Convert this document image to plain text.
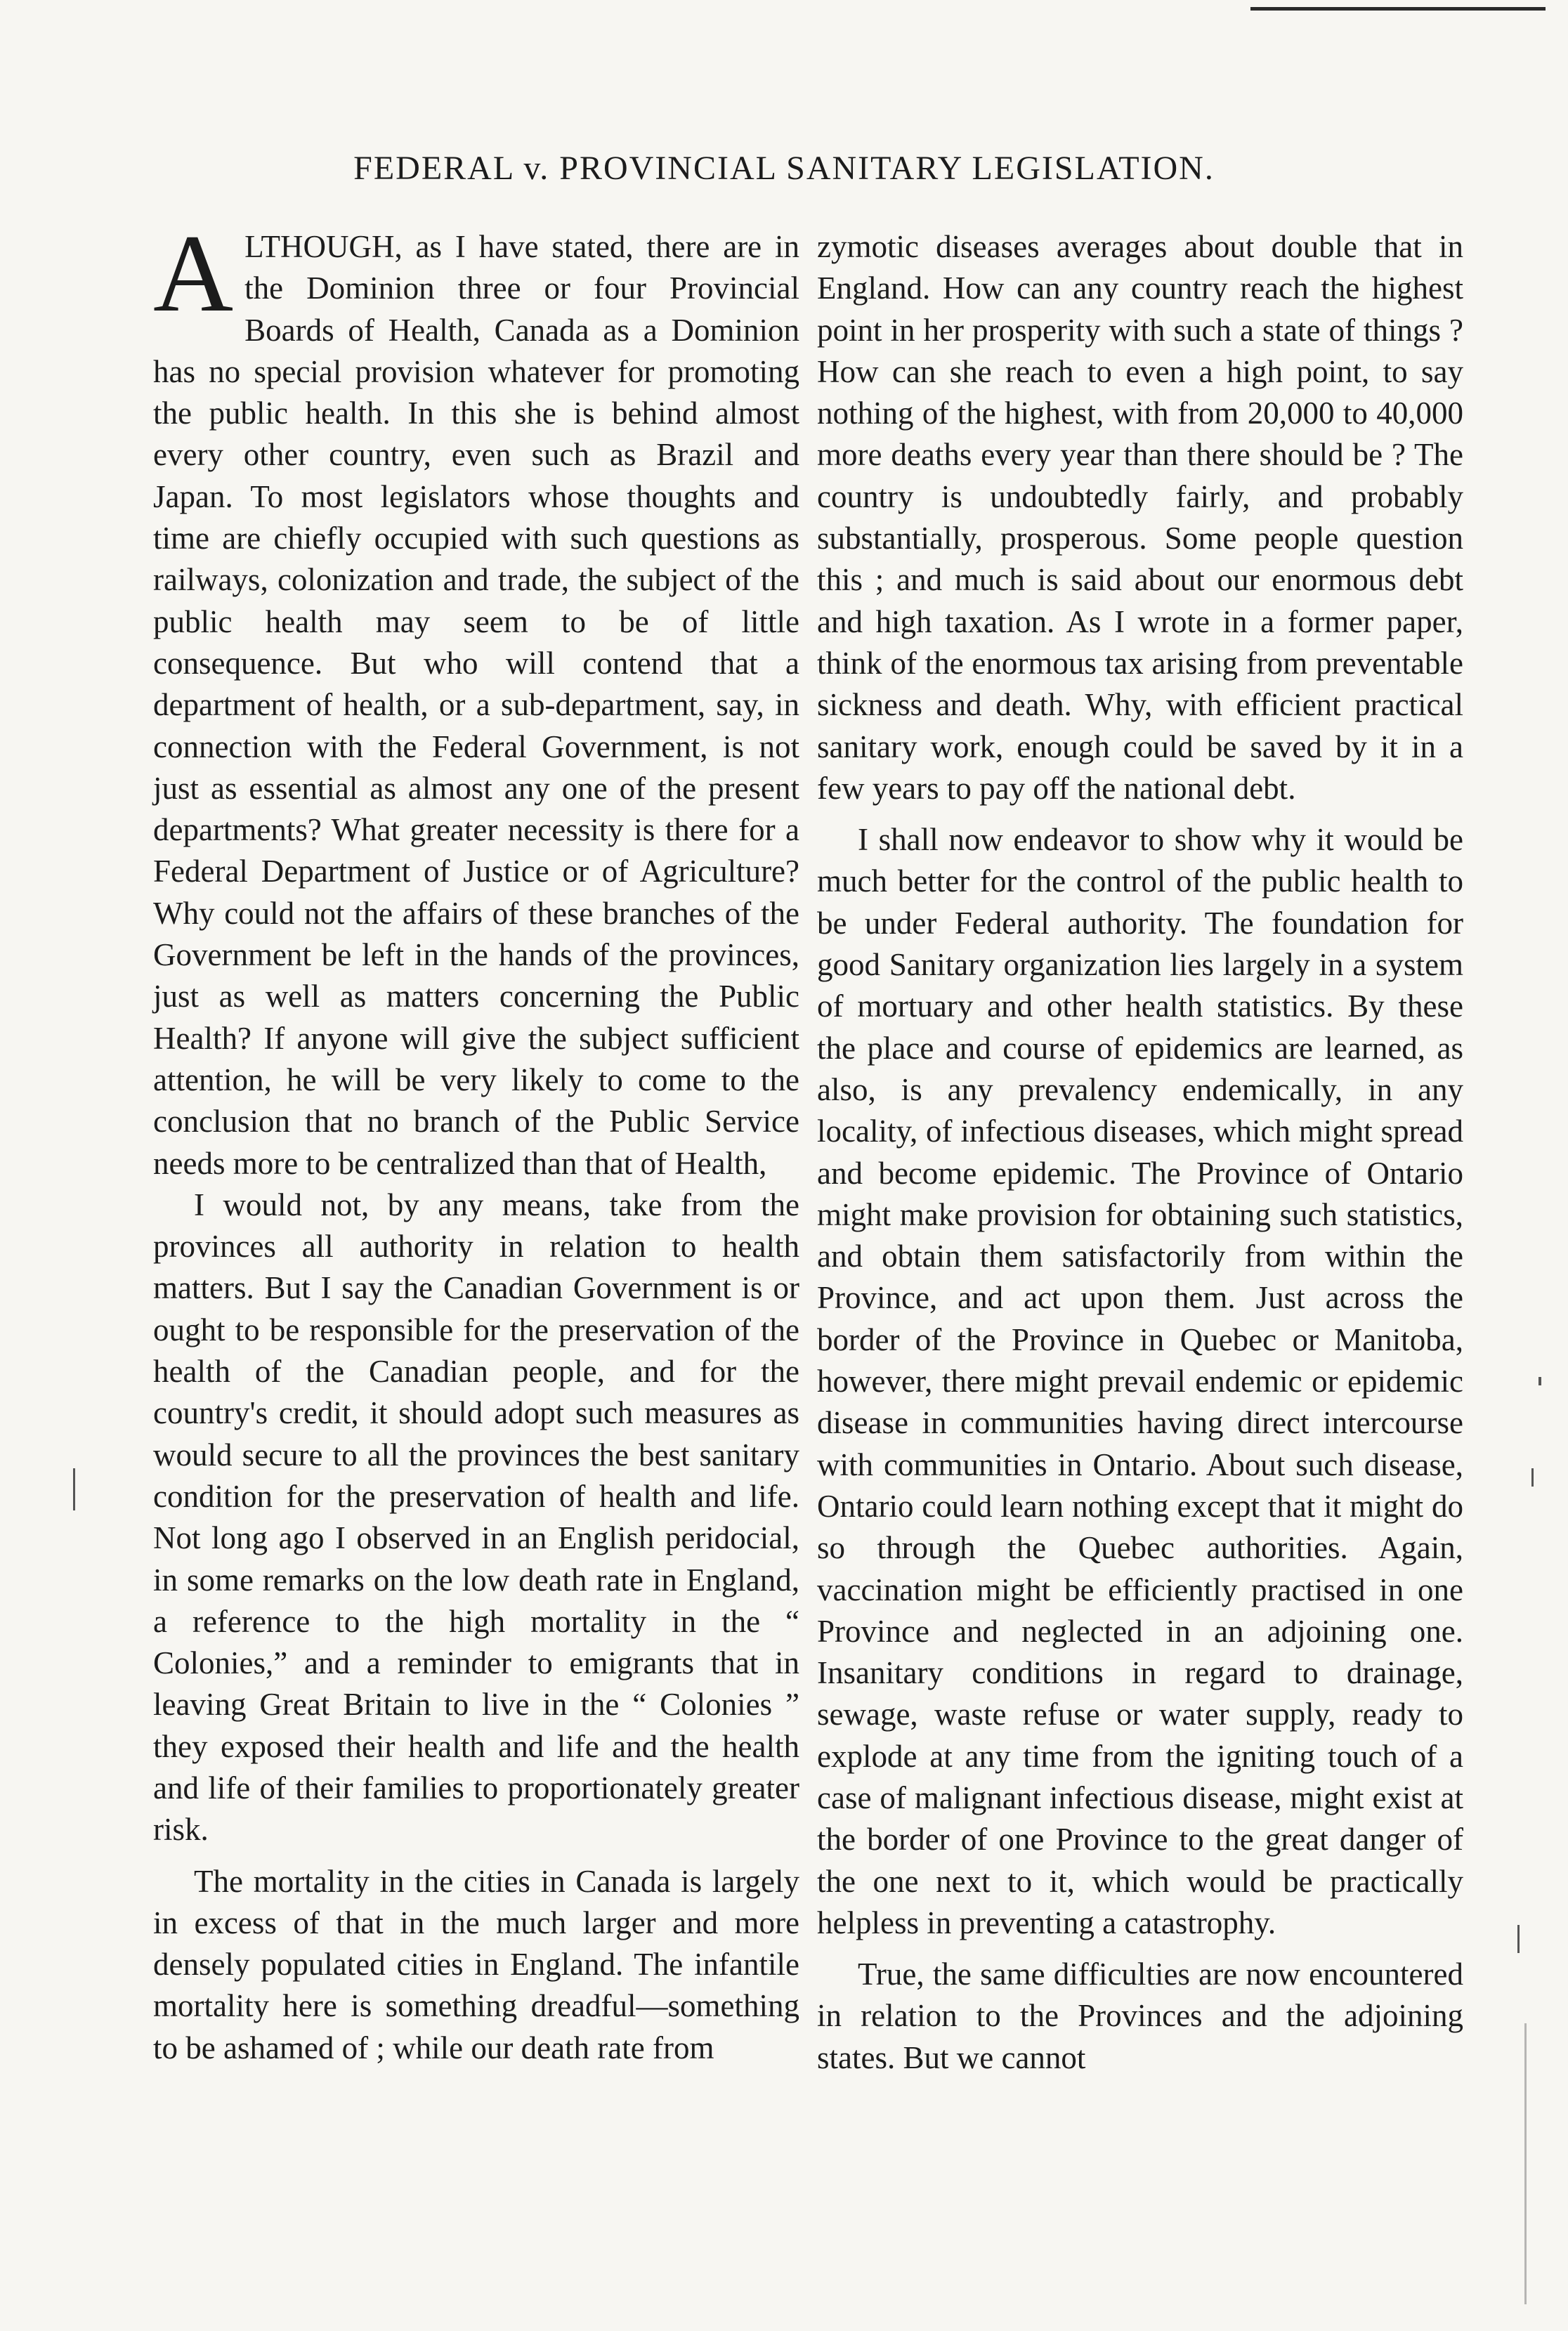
FEDERAL v. PROVINCIAL SANITARY LEGISLATION.

ALTHOUGH, as I have stated, there are in the Dominion three or four Provincial Boards of Health, Canada as a Dominion has no special provision whatever for promoting the public health. In this she is behind almost every other country, even such as Brazil and Japan. To most legislators whose thoughts and time are chiefly occupied with such questions as railways, colonization and trade, the subject of the public health may seem to be of little consequence. But who will contend that a department of health, or a sub-department, say, in connection with the Federal Government, is not just as essential as almost any one of the present departments? What greater necessity is there for a Federal Department of Justice or of Agriculture? Why could not the affairs of these branches of the Government be left in the hands of the provinces, just as well as matters concerning the Public Health? If anyone will give the subject sufficient attention, he will be very likely to come to the conclusion that no branch of the Public Service needs more to be centralized than that of Health,

I would not, by any means, take from the provinces all authority in relation to health matters. But I say the Canadian Government is or ought to be responsible for the preservation of the health of the Canadian people, and for the country's credit, it should adopt such measures as would secure to all the provinces the best sanitary condition for the preservation of health and life. Not long ago I observed in an English peridocial, in some remarks on the low death rate in England, a reference to the high mortality in the “ Colonies,” and a reminder to emigrants that in leaving Great Britain to live in the “ Colonies ” they exposed their health and life and the health and life of their families to proportionately greater risk.

The mortality in the cities in Canada is largely in excess of that in the much larger and more densely populated cities in England. The infantile mortality here is something dreadful—something to be ashamed of ; while our death rate from

zymotic diseases averages about double that in England. How can any country reach the highest point in her prosperity with such a state of things ? How can she reach to even a high point, to say nothing of the highest, with from 20,000 to 40,000 more deaths every year than there should be ? The country is undoubtedly fairly, and probably substantially, prosperous. Some people question this ; and much is said about our enormous debt and high taxation. As I wrote in a former paper, think of the enormous tax arising from preventable sickness and death. Why, with efficient practical sanitary work, enough could be saved by it in a few years to pay off the national debt.

I shall now endeavor to show why it would be much better for the control of the public health to be under Federal authority. The foundation for good Sanitary organization lies largely in a system of mortuary and other health statistics. By these the place and course of epidemics are learned, as also, is any prevalency endemically, in any locality, of infectious diseases, which might spread and become epidemic. The Province of Ontario might make provision for obtaining such statistics, and obtain them satisfactorily from within the Province, and act upon them. Just across the border of the Province in Quebec or Manitoba, however, there might prevail endemic or epidemic disease in communities having direct intercourse with communities in Ontario. About such disease, Ontario could learn nothing except that it might do so through the Quebec authorities. Again, vaccination might be efficiently practised in one Province and neglected in an adjoining one. Insanitary conditions in regard to drainage, sewage, waste refuse or water supply, ready to explode at any time from the igniting touch of a case of malignant infectious disease, might exist at the border of one Province to the great danger of the one next to it, which would be practically helpless in preventing a catastrophy.

True, the same difficulties are now encountered in relation to the Provinces and the adjoining states. But we cannot
